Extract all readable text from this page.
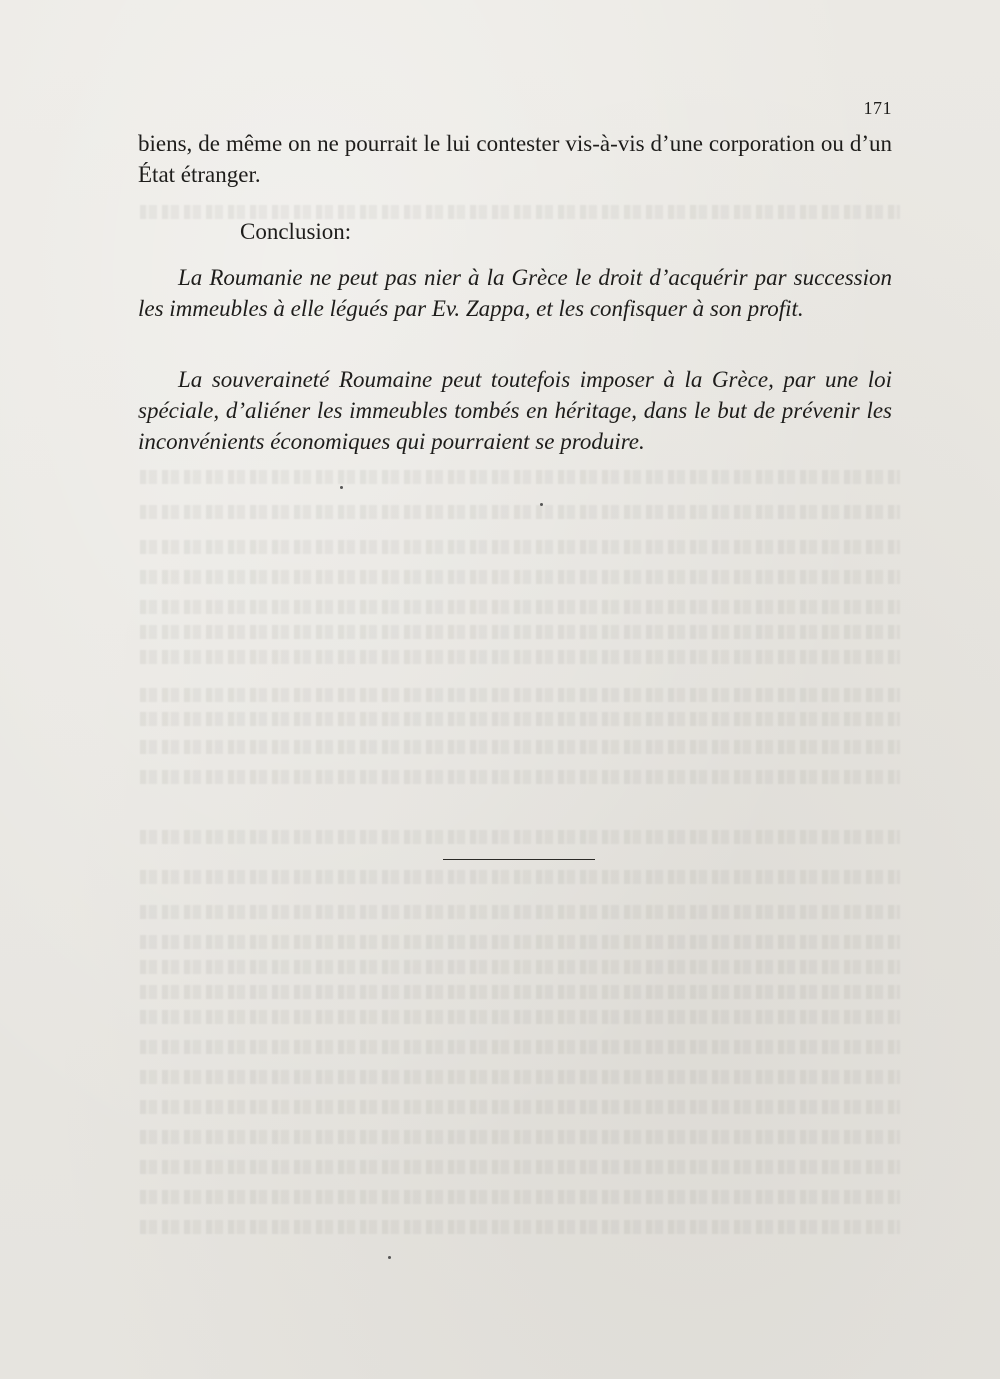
171

biens, de même on ne pourrait le lui contester vis-à-vis d’une corporation ou d’un État étranger.

Conclusion:

La Roumanie ne peut pas nier à la Grèce le droit d’acquérir par succession les immeubles à elle légués par Ev. Zappa, et les confisquer à son profit.

La souveraineté Roumaine peut toutefois imposer à la Grèce, par une loi spéciale, d’aliéner les immeubles tombés en héritage, dans le but de prévenir les inconvénients économiques qui pourraient se produire.
